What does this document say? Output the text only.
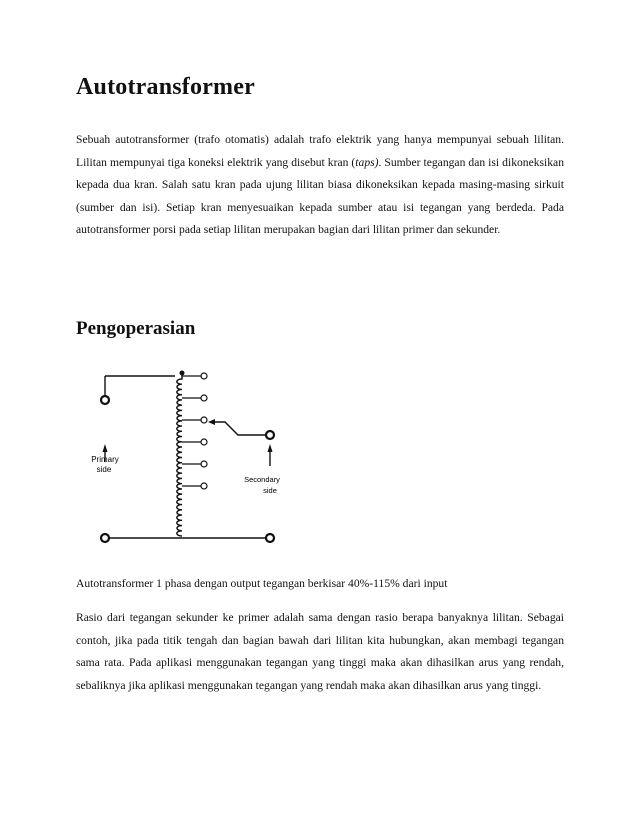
Autotransformer

Sebuah autotransformer (trafo otomatis) adalah trafo elektrik yang hanya mempunyai sebuah lilitan. Lilitan mempunyai tiga koneksi elektrik yang disebut kran (taps). Sumber tegangan dan isi dikoneksikan kepada dua kran. Salah satu kran pada ujung lilitan biasa dikoneksikan kepada masing-masing sirkuit (sumber dan isi). Setiap kran menyesuaikan kepada sumber atau isi tegangan yang berdeda. Pada autotransformer porsi pada setiap lilitan merupakan bagian dari lilitan primer dan sekunder.

Pengoperasian
Primary
side
Secondary
side

Autotransformer 1 phasa dengan output tegangan berkisar 40%-115% dari input

Rasio dari tegangan sekunder ke primer adalah sama dengan rasio berapa banyaknya lilitan. Sebagai contoh, jika pada titik tengah dan bagian bawah dari lilitan kita hubungkan, akan membagi tegangan sama rata. Pada aplikasi menggunakan tegangan yang tinggi maka akan dihasilkan arus yang rendah, sebaliknya jika aplikasi menggunakan tegangan yang rendah maka akan dihasilkan arus yang tinggi.
